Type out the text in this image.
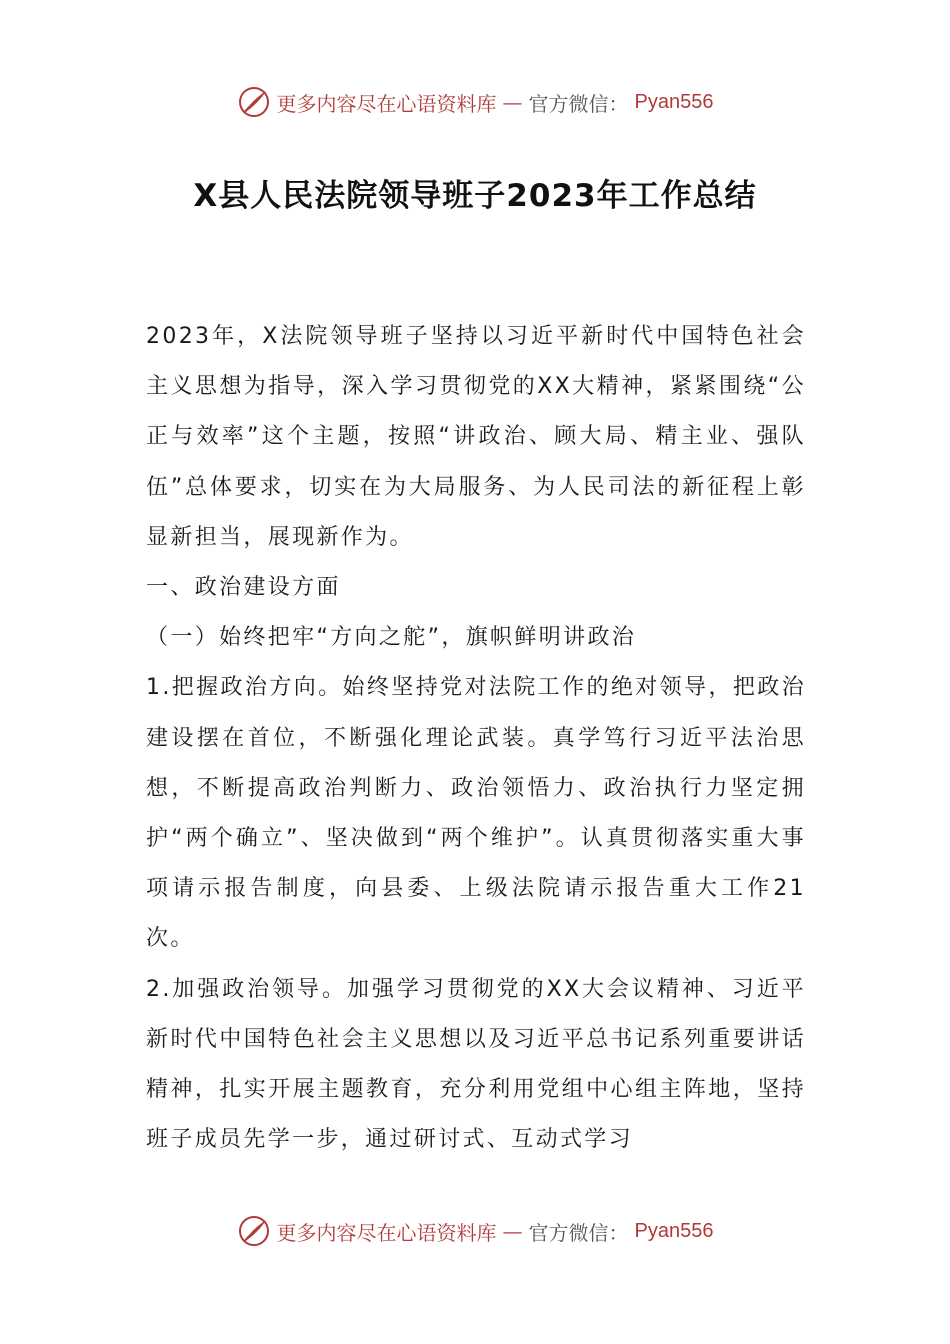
更多内容尽在心语资料库 — 官方微信： Pyan556
X县人民法院领导班子2023年工作总结

2023年，X法院领导班子坚持以习近平新时代中国特色社会主义思想为指导，深入学习贯彻党的XX大精神，紧紧围绕“公正与效率”这个主题，按照“讲政治、顾大局、精主业、强队伍”总体要求，切实在为大局服务、为人民司法的新征程上彰显新担当，展现新作为。

一、政治建设方面

（一）始终把牢“方向之舵”，旗帜鲜明讲政治

1.把握政治方向。始终坚持党对法院工作的绝对领导，把政治建设摆在首位，不断强化理论武装。真学笃行习近平法治思想，不断提高政治判断力、政治领悟力、政治执行力坚定拥护“两个确立”、坚决做到“两个维护”。认真贯彻落实重大事项请示报告制度，向县委、上级法院请示报告重大工作21次。

2.加强政治领导。加强学习贯彻党的XX大会议精神、习近平新时代中国特色社会主义思想以及习近平总书记系列重要讲话精神，扎实开展主题教育，充分利用党组中心组主阵地，坚持班子成员先学一步，通过研讨式、互动式学习

更多内容尽在心语资料库 — 官方微信： Pyan556
